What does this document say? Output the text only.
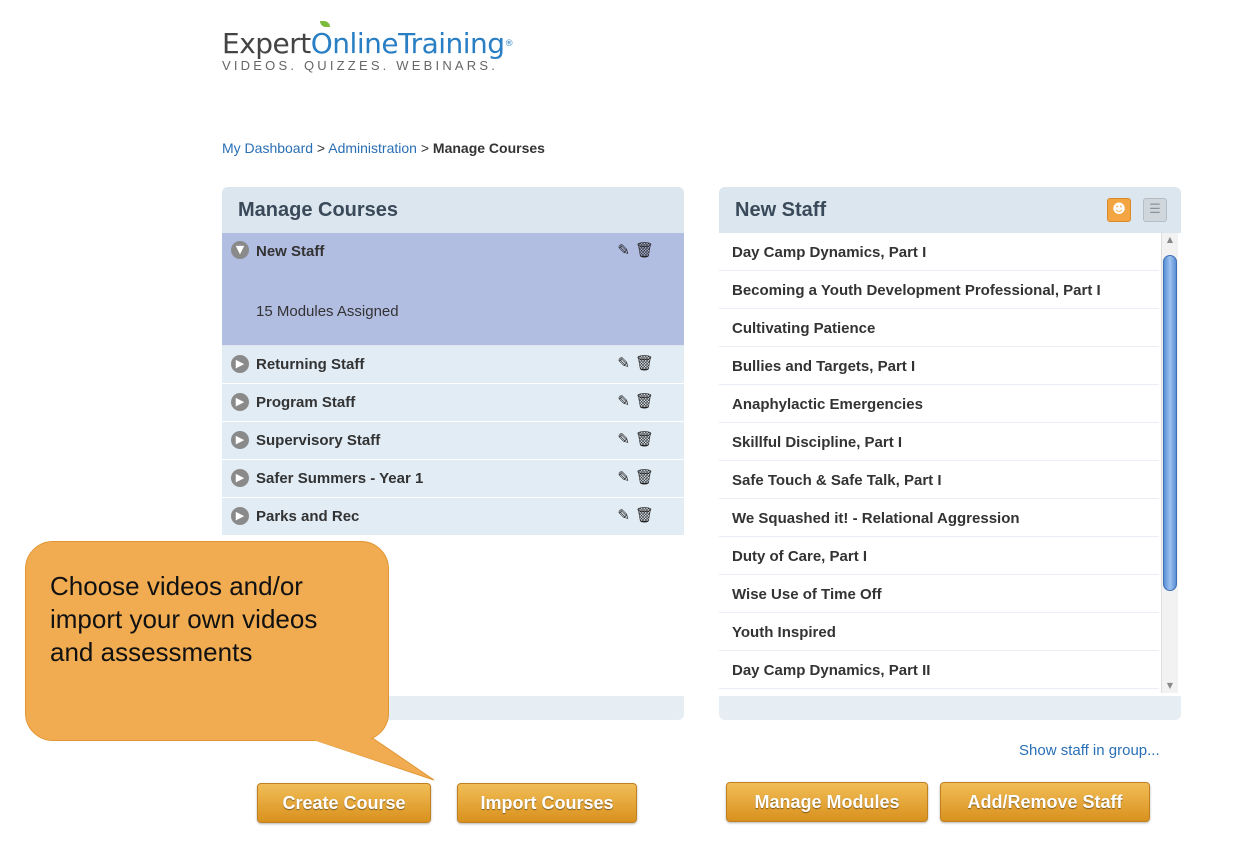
Expert
OnlineTraining®
VIDEOS. QUIZZES. WEBINARS.
My Dashboard > Administration > Manage Courses
Manage Courses
▼ New Staff	✎ 🗑
15 Modules Assigned
▶ Returning Staff	✎ 🗑
▶ Program Staff	✎ 🗑
▶ Supervisory Staff	✎ 🗑
▶ Safer Summers - Year 1	✎ 🗑
▶ Parks and Rec	✎ 🗑
New Staff	☻	☰
Day Camp Dynamics, Part I
Becoming a Youth Development Professional, Part I
Cultivating Patience
Bullies and Targets, Part I
Anaphylactic Emergencies
Skillful Discipline, Part I
Safe Touch & Safe Talk, Part I
We Squashed it! - Relational Aggression
Duty of Care, Part I
Wise Use of Time Off
Youth Inspired
Day Camp Dynamics, Part II
▲
▼
Show staff in group...
Create Course	Import Courses	Manage Modules	Add/Remove Staff
Choose videos and/or import your own videos and assessments
